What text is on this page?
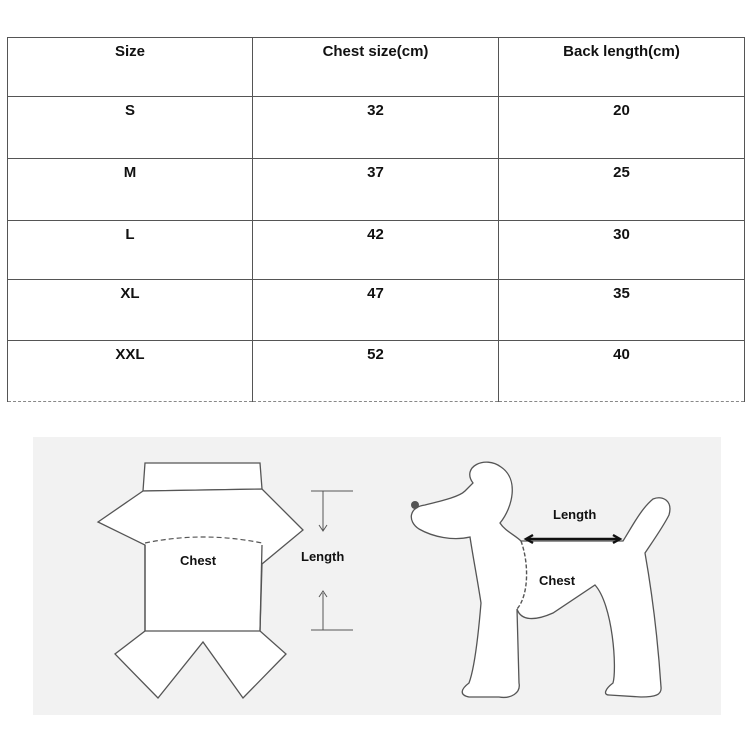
Size	Chest size(cm)	Back length(cm)
S	32	20
M	37	25
L	42	30
XL	47	35
XXL	52	40
Chest	Length
Length
Chest
